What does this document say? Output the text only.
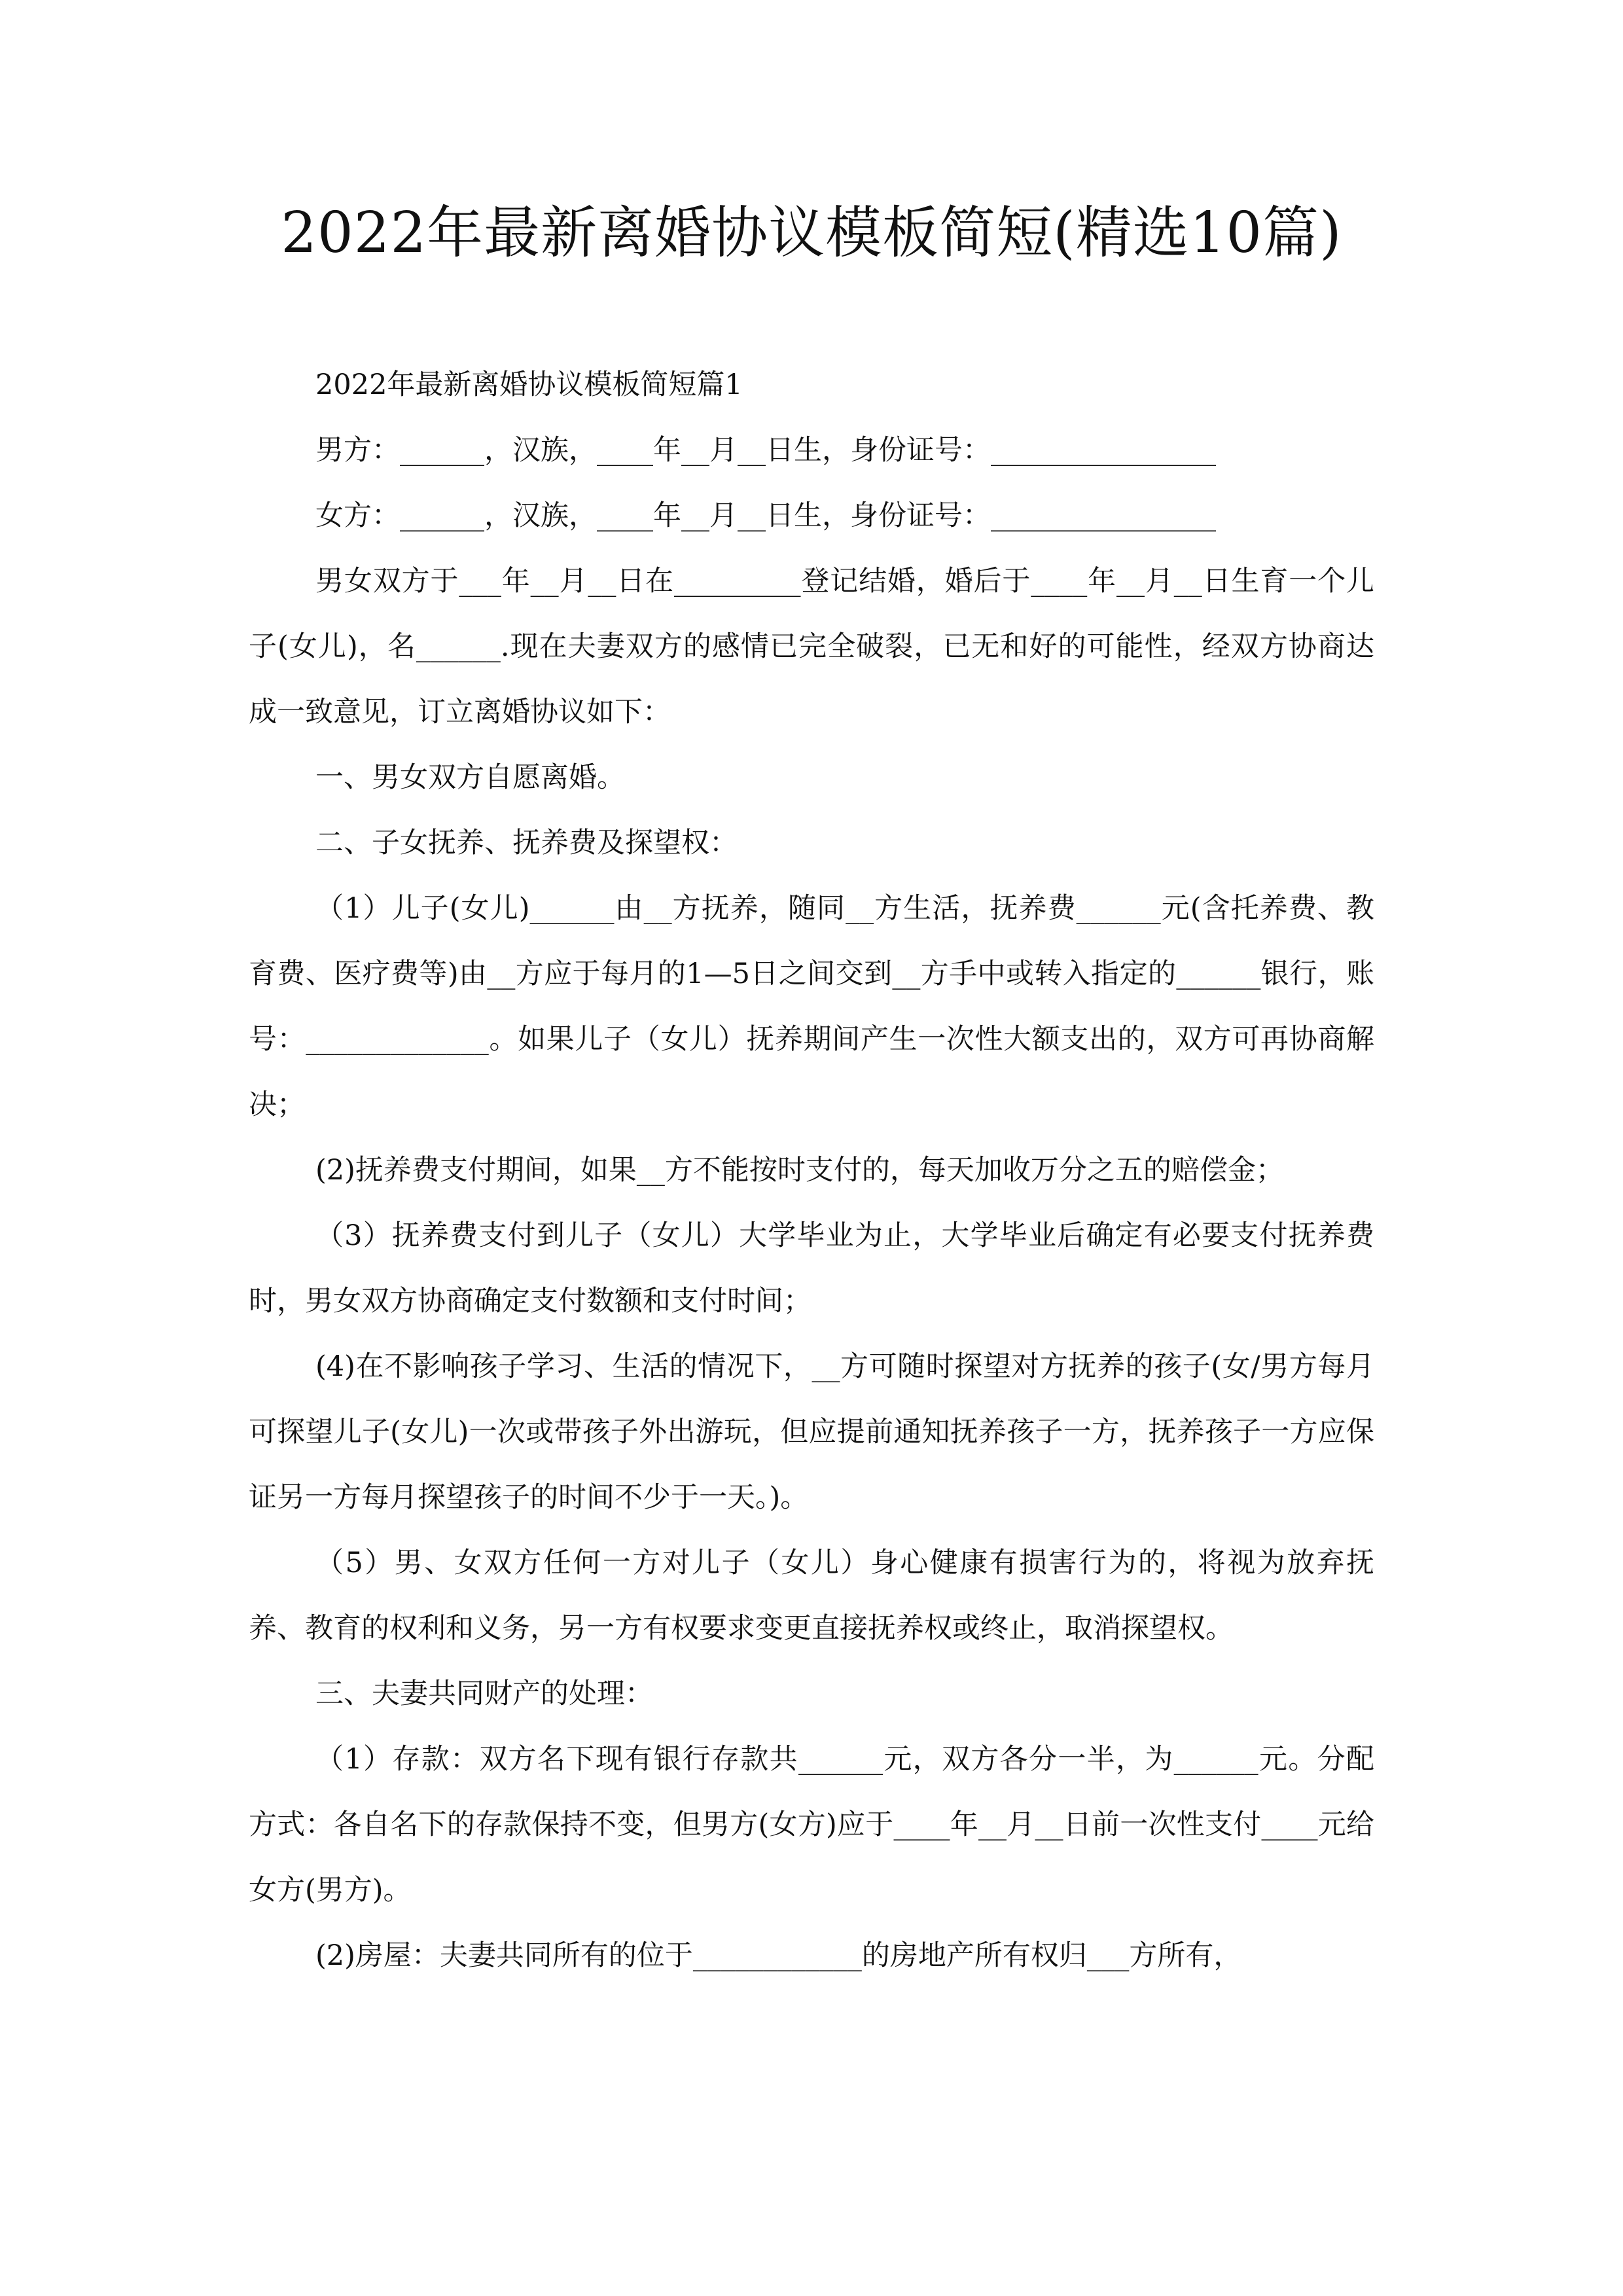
2022年最新离婚协议模板简短(精选10篇)

2022年最新离婚协议模板简短篇1

男方：______，汉族，____年__月__日生，身份证号：________________

女方：______，汉族，____年__月__日生，身份证号：________________

男女双方于___年__月__日在_________登记结婚，婚后于____年__月__日生育一个儿子(女儿)，名______.现在夫妻双方的感情已完全破裂，已无和好的可能性，经双方协商达成一致意见，订立离婚协议如下：

一、男女双方自愿离婚。

二、子女抚养、抚养费及探望权：

（1）儿子(女儿)______由__方抚养，随同__方生活，抚养费______元(含托养费、教育费、医疗费等)由__方应于每月的1—5日之间交到__方手中或转入指定的______银行，账号：_____________。如果儿子（女儿）抚养期间产生一次性大额支出的，双方可再协商解决；

(2)抚养费支付期间，如果__方不能按时支付的，每天加收万分之五的赔偿金；

（3）抚养费支付到儿子（女儿）大学毕业为止，大学毕业后确定有必要支付抚养费时，男女双方协商确定支付数额和支付时间；

(4)在不影响孩子学习、生活的情况下，__方可随时探望对方抚养的孩子(女/男方每月可探望儿子(女儿)一次或带孩子外出游玩，但应提前通知抚养孩子一方，抚养孩子一方应保证另一方每月探望孩子的时间不少于一天。)。

（5）男、女双方任何一方对儿子（女儿）身心健康有损害行为的，将视为放弃抚养、教育的权利和义务，另一方有权要求变更直接抚养权或终止，取消探望权。

三、夫妻共同财产的处理：

（1）存款：双方名下现有银行存款共______元，双方各分一半，为______元。分配方式：各自名下的存款保持不变，但男方(女方)应于____年__月__日前一次性支付____元给女方(男方)。

(2)房屋：夫妻共同所有的位于____________的房地产所有权归___方所有，
